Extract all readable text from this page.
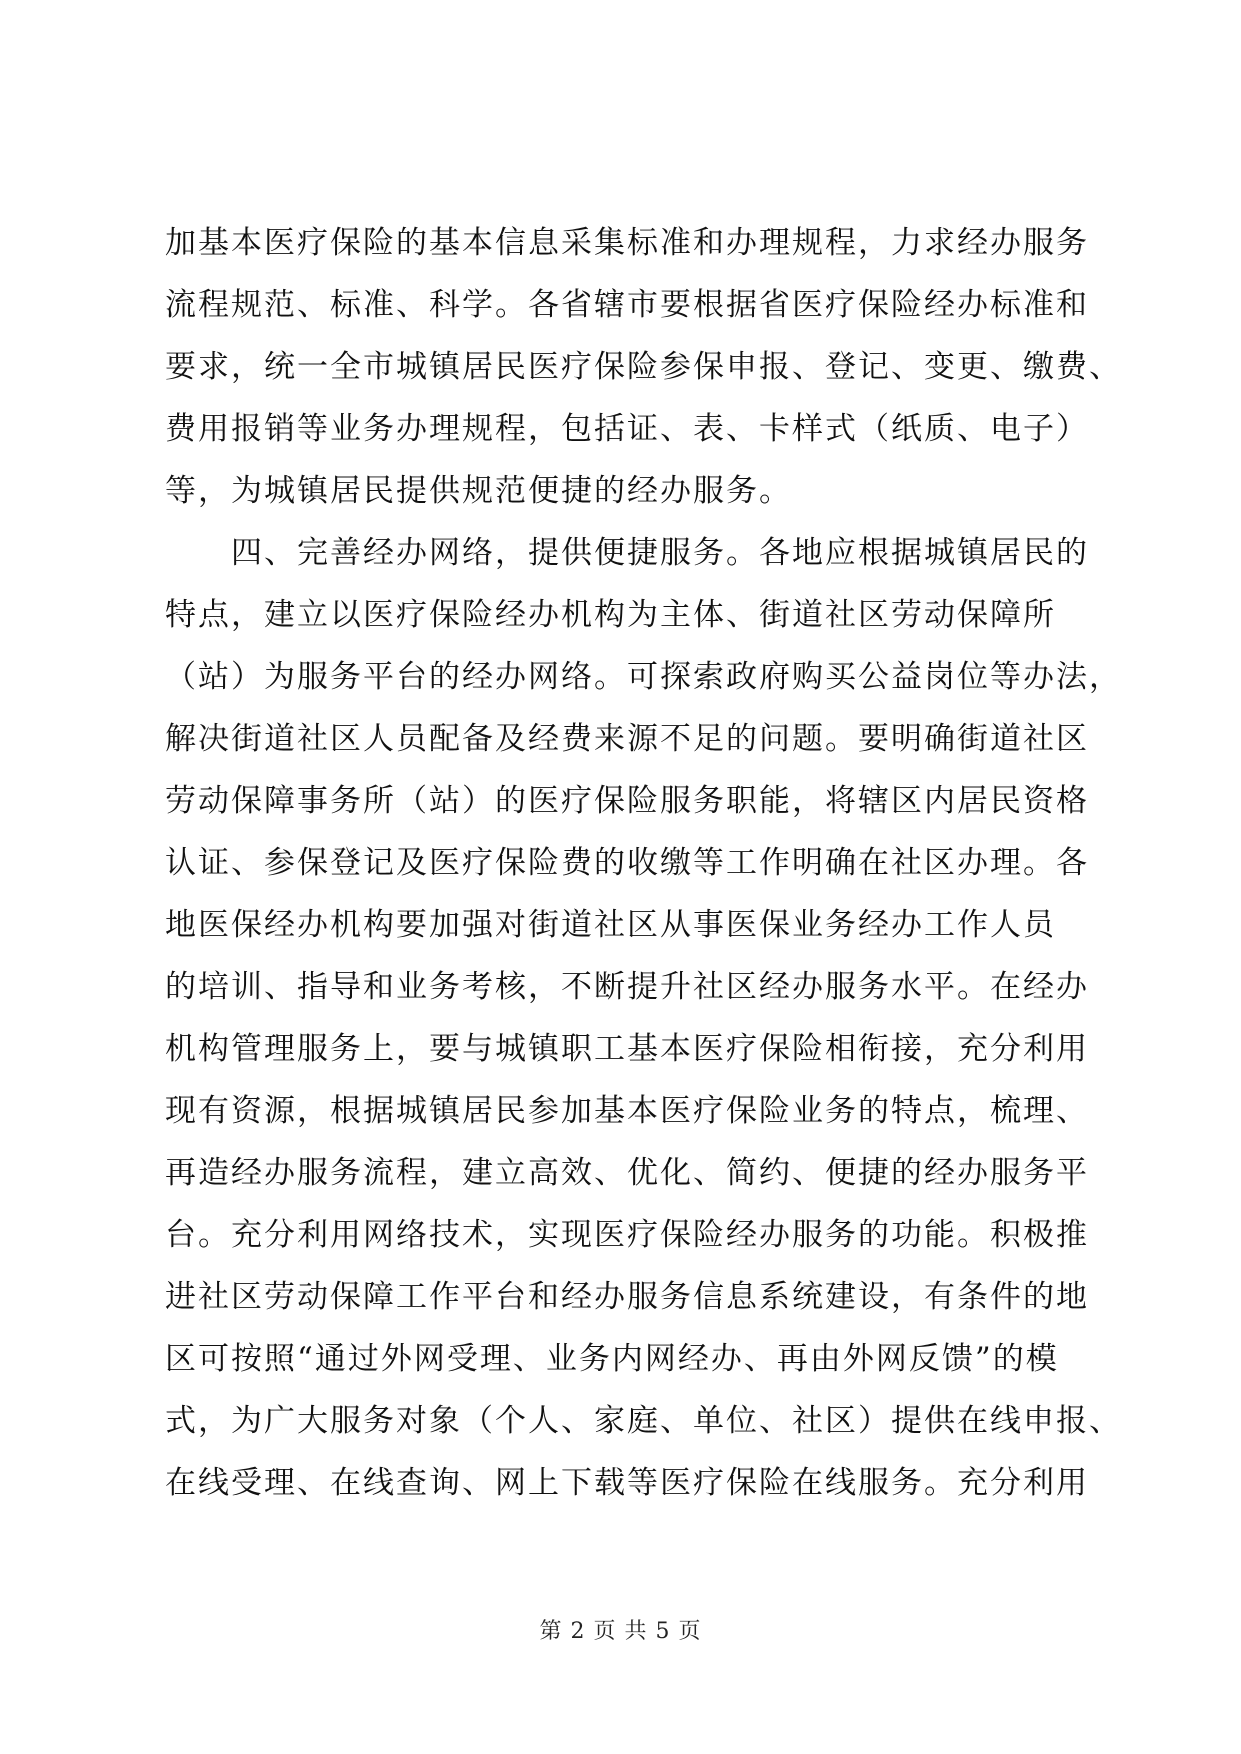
加基本医疗保险的基本信息采集标准和办理规程，力求经办服务
流程规范、标准、科学。各省辖市要根据省医疗保险经办标准和
要求，统一全市城镇居民医疗保险参保申报、登记、变更、缴费、
费用报销等业务办理规程，包括证、表、卡样式（纸质、电子）
等，为城镇居民提供规范便捷的经办服务。
　　四、完善经办网络，提供便捷服务。各地应根据城镇居民的
特点，建立以医疗保险经办机构为主体、街道社区劳动保障所
（站）为服务平台的经办网络。可探索政府购买公益岗位等办法，
解决街道社区人员配备及经费来源不足的问题。要明确街道社区
劳动保障事务所（站）的医疗保险服务职能，将辖区内居民资格
认证、参保登记及医疗保险费的收缴等工作明确在社区办理。各
地医保经办机构要加强对街道社区从事医保业务经办工作人员
的培训、指导和业务考核，不断提升社区经办服务水平。在经办
机构管理服务上，要与城镇职工基本医疗保险相衔接，充分利用
现有资源，根据城镇居民参加基本医疗保险业务的特点，梳理、
再造经办服务流程，建立高效、优化、简约、便捷的经办服务平
台。充分利用网络技术，实现医疗保险经办服务的功能。积极推
进社区劳动保障工作平台和经办服务信息系统建设，有条件的地
区可按照“通过外网受理、业务内网经办、再由外网反馈”的模
式，为广大服务对象（个人、家庭、单位、社区）提供在线申报、
在线受理、在线查询、网上下载等医疗保险在线服务。充分利用
第 2 页 共 5 页
